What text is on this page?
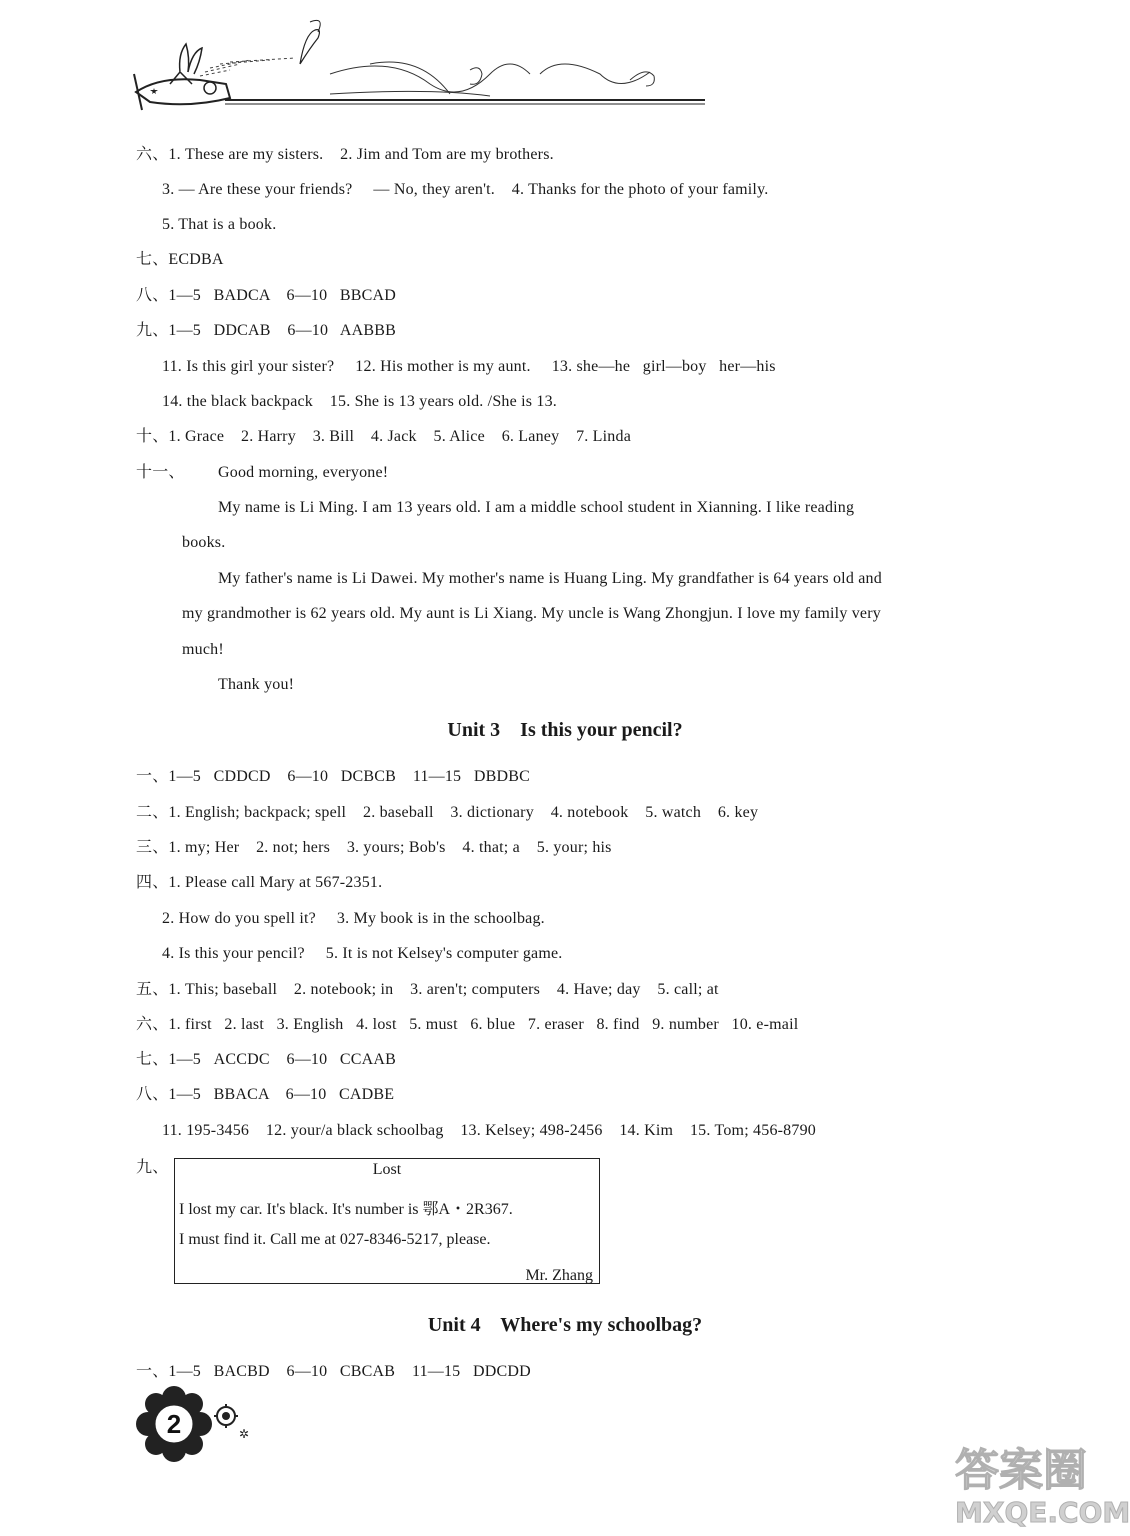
六、1. These are my sisters.    2. Jim and Tom are my brothers.
3. — Are these your friends?     — No, they aren't.    4. Thanks for the photo of your family.
5. That is a book.
七、ECDBA
八、1—5   BADCA    6—10   BBCAD
九、1—5   DDCAB    6—10   AABBB
11. Is this girl your sister?     12. His mother is my aunt.     13. she—he   girl—boy   her—his
14. the black backpack    15. She is 13 years old. /She is 13.
十、1. Grace    2. Harry    3. Bill    4. Jack    5. Alice    6. Laney    7. Linda
十一、 Good morning, everyone!
My name is Li Ming. I am 13 years old. I am a middle school student in Xianning. I like reading
books.
My father's name is Li Dawei. My mother's name is Huang Ling. My grandfather is 64 years old and
my grandmother is 62 years old. My aunt is Li Xiang. My uncle is Wang Zhongjun. I love my family very
much!
Thank you!
Unit 3    Is this your pencil?
一、1—5   CDDCD    6—10   DCBCB    11—15   DBDBC
二、1. English; backpack; spell    2. baseball    3. dictionary    4. notebook    5. watch    6. key
三、1. my; Her    2. not; hers    3. yours; Bob's    4. that; a    5. your; his
四、1. Please call Mary at 567-2351.
2. How do you spell it?     3. My book is in the schoolbag.
4. Is this your pencil?     5. It is not Kelsey's computer game.
五、1. This; baseball    2. notebook; in    3. aren't; computers    4. Have; day    5. call; at
六、1. first   2. last   3. English   4. lost   5. must   6. blue   7. eraser   8. find   9. number   10. e-mail
七、1—5   ACCDC    6—10   CCAAB
八、1—5   BBACA    6—10   CADBE
11. 195-3456    12. your/a black schoolbag    13. Kelsey; 498-2456    14. Kim    15. Tom; 456-8790
九、	Lost
I lost my car. It's black. It's number is 鄂A・2R367.
I must find it. Call me at 027-8346-5217, please.
Mr. Zhang
Unit 4    Where's my schoolbag?
一、1—5   BACBD    6—10   CBCAB    11—15   DDCDD
2	✲
答案圈
MXQE.COM
